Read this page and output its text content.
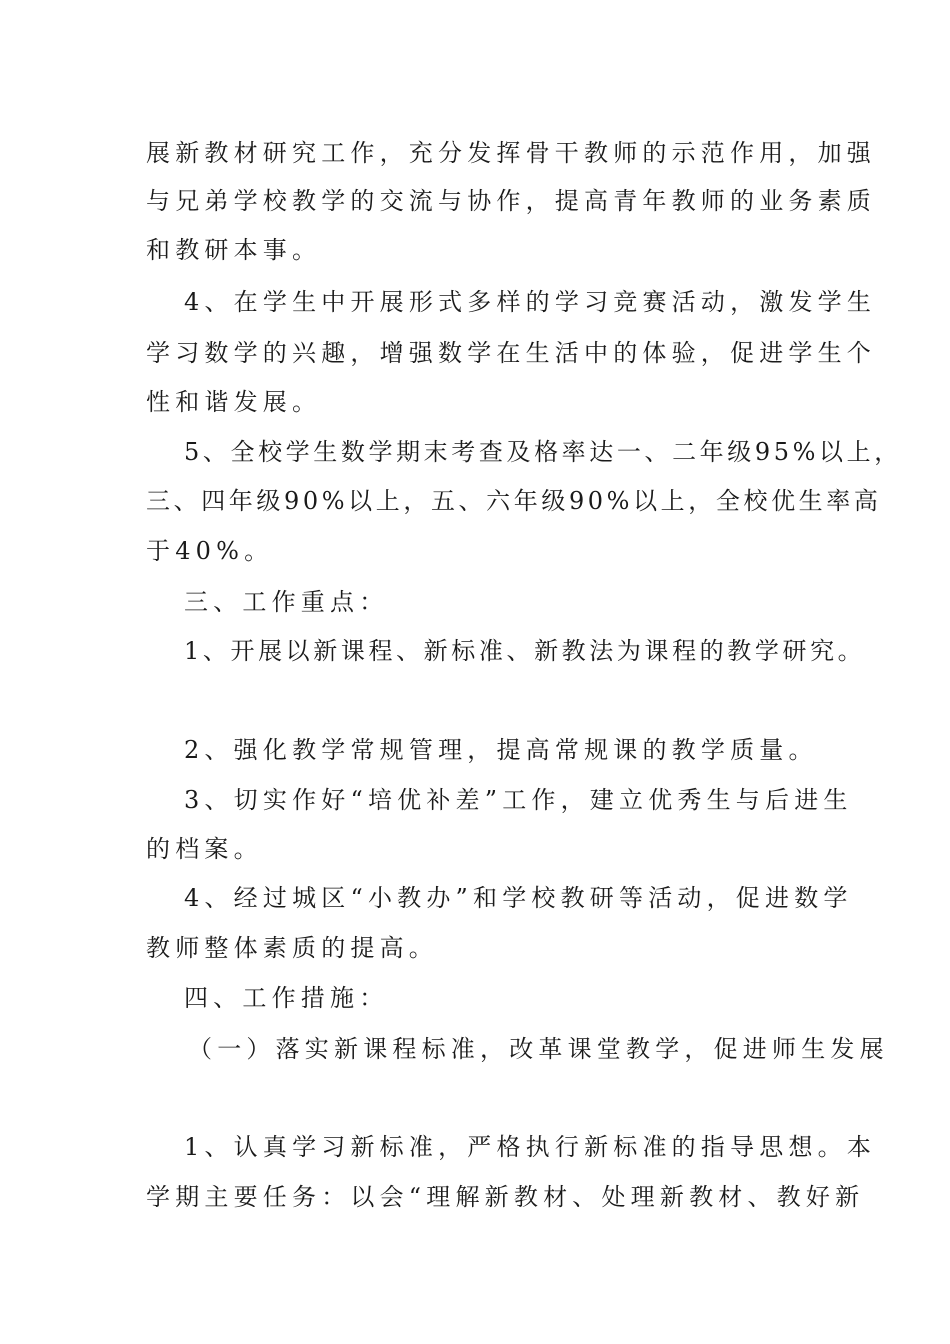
展新教材研究工作，充分发挥骨干教师的示范作用，加强
与兄弟学校教学的交流与协作，提高青年教师的业务素质
和教研本事。
4、在学生中开展形式多样的学习竞赛活动，激发学生
学习数学的兴趣，增强数学在生活中的体验，促进学生个
性和谐发展。
5、全校学生数学期末考查及格率达一、二年级95%以上，
三、四年级90%以上，五、六年级90%以上，全校优生率高
于40%。
三、工作重点：
1、开展以新课程、新标准、新教法为课程的教学研究。
2、强化教学常规管理，提高常规课的教学质量。
3、切实作好“培优补差”工作，建立优秀生与后进生
的档案。
4、经过城区“小教办”和学校教研等活动，促进数学
教师整体素质的提高。
四、工作措施：
（一）落实新课程标准，改革课堂教学，促进师生发展
1、认真学习新标准，严格执行新标准的指导思想。本
学期主要任务：以会“理解新教材、处理新教材、教好新
